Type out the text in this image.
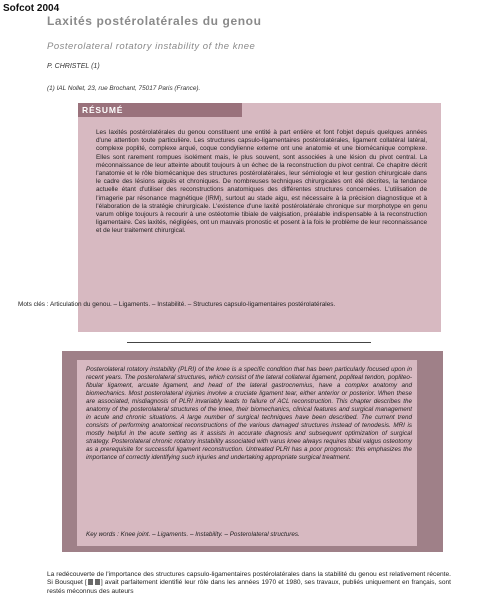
Sofcot 2004
Laxités postérolatérales du genou
Posterolateral rotatory instability of the knee
P. CHRISTEL (1)
(1) IAL Nollet, 23, rue Brochant, 75017 Paris (France).
RÉSUMÉ
Les laxités postérolatérales du genou constituent une entité à part entière et font l'objet depuis quelques années d'une attention toute particulière. Les structures capsulo-ligamentaires postérolatérales, ligament collatéral latéral, complexe poplité, complexe arqué, coque condylienne externe ont une anatomie et une biomécanique complexe. Elles sont rarement rompues isolément mais, le plus souvent, sont associées à une lésion du pivot central. La méconnaissance de leur atteinte aboutit toujours à un échec de la reconstruction du pivot central. Ce chapitre décrit l'anatomie et le rôle biomécanique des structures postérolatérales, leur sémiologie et leur gestion chirurgicale dans le cadre des lésions aiguës et chroniques. De nombreuses techniques chirurgicales ont été décrites, la tendance actuelle étant d'utiliser des reconstructions anatomiques des différentes structures concernées. L'utilisation de l'imagerie par résonance magnétique (IRM), surtout au stade aigu, est nécessaire à la précision diagnostique et à l'élaboration de la stratégie chirurgicale. L'existence d'une laxité postérolatérale chronique sur morphotype en genu varum oblige toujours à recourir à une ostéotomie tibiale de valgisation, préalable indispensable à la reconstruction ligamentaire. Ces laxités, négligées, ont un mauvais pronostic et posent à la fois le problème de leur reconnaissance et de leur traitement chirurgical.
Mots clés : Articulation du genou. – Ligaments. – Instabilité. – Structures capsulo-ligamentaires postérolatérales.
Posterolateral rotatory instability (PLRI) of the knee is a specific condition that has been particularly focused upon in recent years. The posterolateral structures, which consist of the lateral collateral ligament, popliteal tendon, popliteo-fibular ligament, arcuate ligament, and head of the lateral gastrocnemius, have a complex anatomy and biomechanics. Most posterolateral injuries involve a cruciate ligament tear, either anterior or posterior. When these are associated, misdiagnosis of PLRI invariably leads to failure of ACL reconstruction. This chapter describes the anatomy of the posterolateral structures of the knee, their biomechanics, clinical features and surgical management in acute and chronic situations. A large number of surgical techniques have been described. The current trend consists of performing anatomical reconstructions of the various damaged structures instead of tenodesis. MRI is mostly helpful in the acute setting as it assists in accurate diagnosis and subsequent optimization of surgical strategy. Posterolateral chronic rotatory instability associated with varus knee always requires tibial valgus osteotomy as a prerequisite for successful ligament reconstruction. Untreated PLRI has a poor prognosis: this emphasizes the importance of correctly identifying such injuries and undertaking appropriate surgical treatment.
Key words : Knee joint. – Ligaments. – Instability. – Posterolateral structures.
La redécouverte de l'importance des structures capsulo-ligamentaires postérolatérales dans la stabilité du genou est relativement récente. Si Bousquet [ ] avait parfaitement identifié leur rôle dans les années 1970 et 1980, ses travaux, publiés uniquement en français, sont restés méconnus des auteurs
